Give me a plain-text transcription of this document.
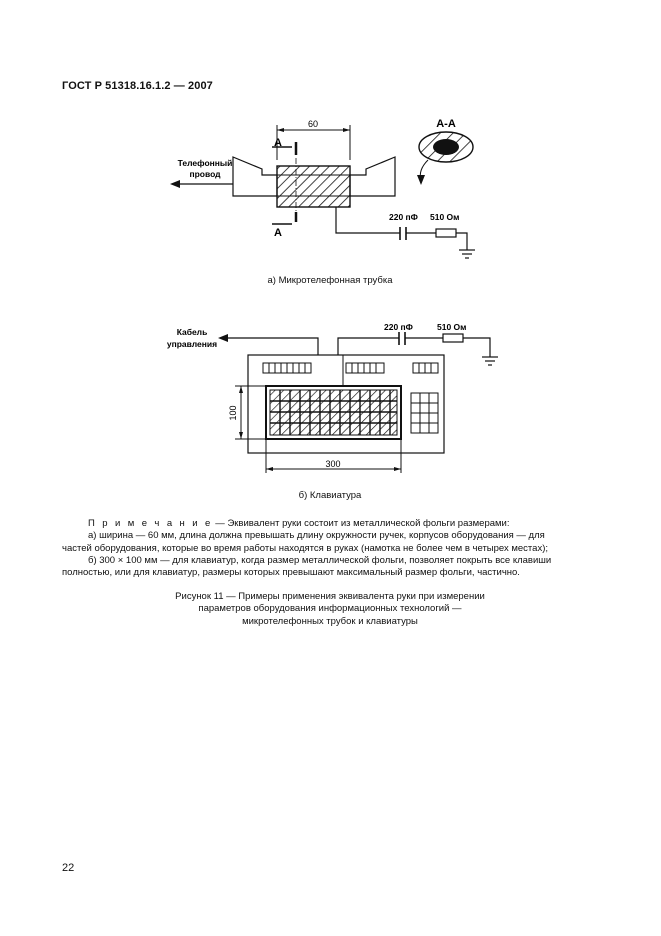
ГОСТ Р 51318.16.1.2 — 2007
60
А
А
Телефонный
провод
А-А
220 пФ 510 Ом
а) Микротелефонная трубка
100
300
Кабель
управления
220 пФ	510 Ом
б) Клавиатура
П р и м е ч а н и е — Эквивалент руки состоит из металлической фольги размерами:
а) ширина — 60 мм, длина должна превышать длину окружности ручек, корпусов оборудования — для
частей оборудования, которые во время работы находятся в руках (намотка не более чем в четырех местах);
б) 300 × 100 мм — для клавиатур, когда размер металлической фольги, позволяет покрыть все клавиши
полностью, или для клавиатур, размеры которых превышают максимальный размер фольги, частично.
Рисунок 11 — Примеры применения эквивалента руки при измерении
параметров оборудования информационных технологий —
микротелефонных трубок и клавиатуры
22
